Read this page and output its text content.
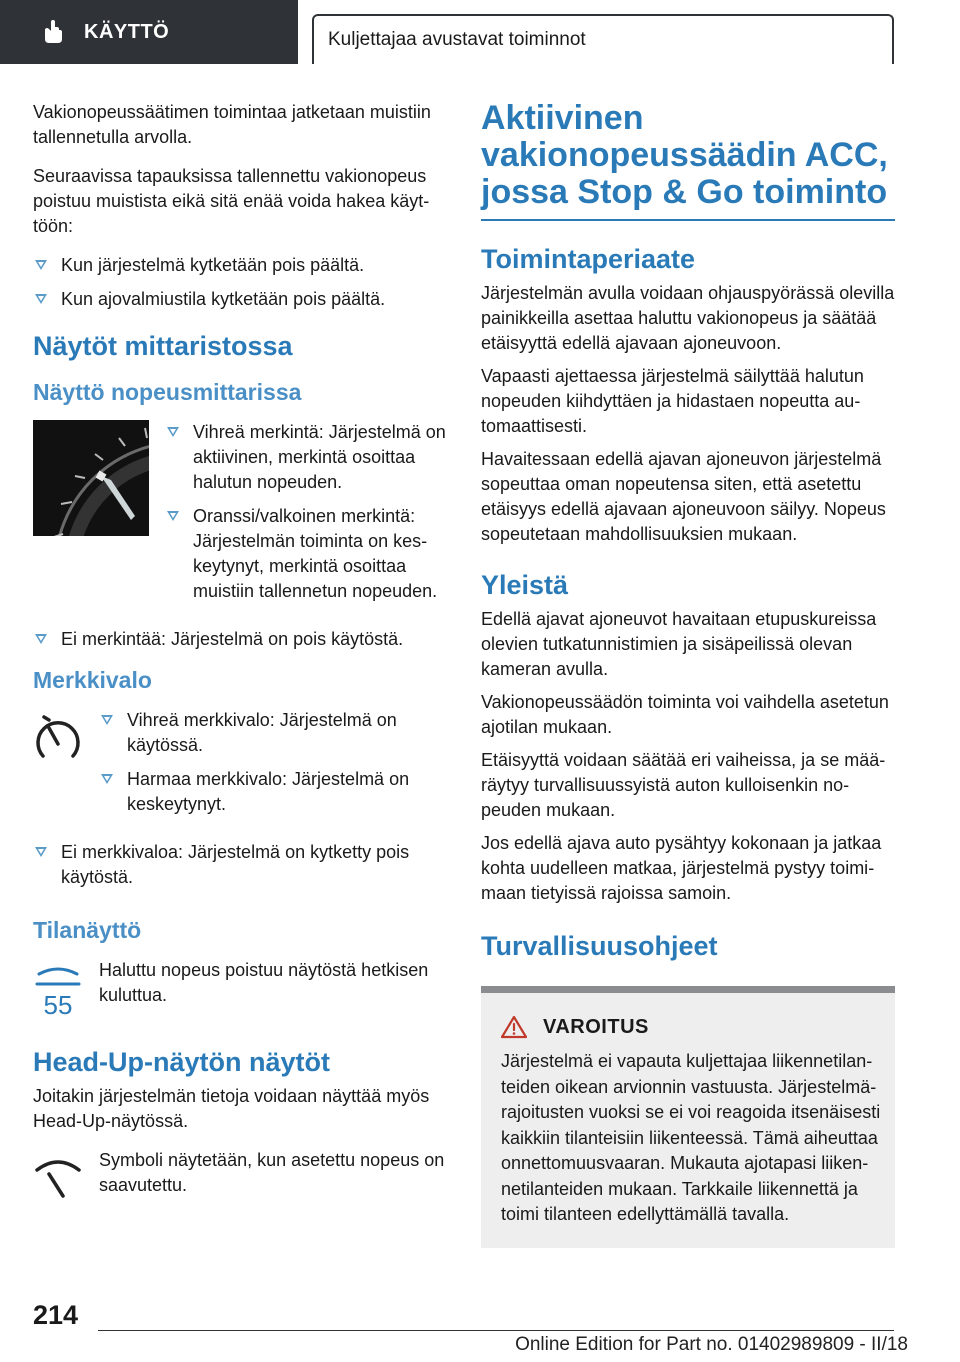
KÄYTTÖ	Kuljettajaa avustavat toiminnot

Vakionopeussäätimen toimintaa jatketaan muistiin tallennetulla arvolla.

Seuraavissa tapauksissa tallennettu vakionopeus poistuu muistista eikä sitä enää voida hakea käyttöön:

Kun järjestelmä kytketään pois päältä.
Kun ajovalmiustila kytketään pois päältä.
Näytöt mittaristossa
Näyttö nopeusmittarissa
Vihreä merkintä: Järjestelmä on aktiivinen, merkintä osoittaa halutun nopeuden.
Oranssi/valkoinen merkintä: Järjestelmän toiminta on keskeytynyt, merkintä osoittaa muistiin tallennetun nopeuden.
Ei merkintää: Järjestelmä on pois käytöstä.
Merkkivalo
Vihreä merkkivalo: Järjestelmä on käytössä.
Harmaa merkkivalo: Järjestelmä on keskeytynyt.
Ei merkkivaloa: Järjestelmä on kytketty pois käytöstä.
Tilanäyttö
55

Haluttu nopeus poistuu näytöstä hetkisen kuluttua.

Head-Up-näytön näytöt

Joitakin järjestelmän tietoja voidaan näyttää myös Head-Up-näytössä.

Symboli näytetään, kun asetettu nopeus on saavutettu.

Aktiivinen vakionopeussäädin ACC, jossa Stop & Go toiminto
Toimintaperiaate

Järjestelmän avulla voidaan ohjauspyörässä olevilla painikkeilla asettaa haluttu vakionopeus ja säätää etäisyyttä edellä ajavaan ajoneuvoon.

Vapaasti ajettaessa järjestelmä säilyttää halutun nopeuden kiihdyttäen ja hidastaen nopeutta automaattisesti.

Havaitessaan edellä ajavan ajoneuvon järjestelmä sopeuttaa oman nopeutensa siten, että asetettu etäisyys edellä ajavaan ajoneuvoon säilyy. Nopeus sopeutetaan mahdollisuuksien mukaan.

Yleistä

Edellä ajavat ajoneuvot havaitaan etupuskureissa olevien tutkatunnistimien ja sisäpeilissä olevan kameran avulla.

Vakionopeussäädön toiminta voi vaihdella asetetun ajotilan mukaan.

Etäisyyttä voidaan säätää eri vaiheissa, ja se määräytyy turvallisuussyistä auton kulloisenkin nopeuden mukaan.

Jos edellä ajava auto pysähtyy kokonaan ja jatkaa kohta uudelleen matkaa, järjestelmä pystyy toimimaan tietyissä rajoissa samoin.

Turvallisuusohjeet
VAROITUS

Järjestelmä ei vapauta kuljettajaa liikennetilanteiden oikean arvionnin vastuusta. Järjestelmärajoitusten vuoksi se ei voi reagoida itsenäisesti kaikkiin tilanteisiin liikenteessä. Tämä aiheuttaa onnettomuusvaaran. Mukauta ajotapasi liikennetilanteiden mukaan. Tarkkaile liikennettä ja toimi tilanteen edellyttämällä tavalla.

214
Online Edition for Part no. 01402989809 - II/18
